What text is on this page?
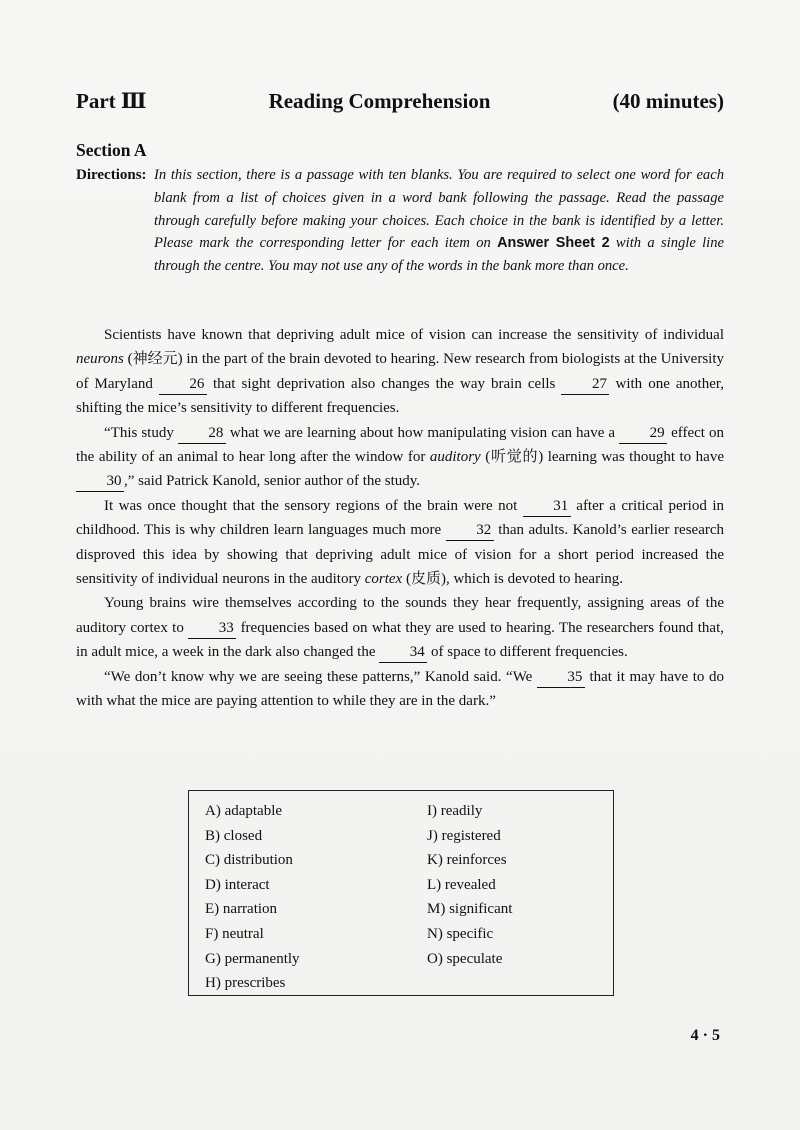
Part Ⅲ	Reading Comprehension	(40 minutes)
Section A
Directions: In this section, there is a passage with ten blanks. You are required to select one word for each blank from a list of choices given in a word bank following the passage. Read the passage through carefully before making your choices. Each choice in the bank is identified by a letter. Please mark the corresponding letter for each item on Answer Sheet 2 with a single line through the centre. You may not use any of the words in the bank more than once.

Scientists have known that depriving adult mice of vision can increase the sensitivity of individual neurons (神经元) in the part of the brain devoted to hearing. New research from biologists at the University of Maryland 26 that sight deprivation also changes the way brain cells 27 with one another, shifting the mice’s sensitivity to different frequencies.

“This study 28 what we are learning about how manipulating vision can have a 29 effect on the ability of an animal to hear long after the window for auditory (听觉的) learning was thought to have 30 ,” said Patrick Kanold, senior author of the study.

It was once thought that the sensory regions of the brain were not 31 after a critical period in childhood. This is why children learn languages much more 32 than adults. Kanold’s earlier research disproved this idea by showing that depriving adult mice of vision for a short period increased the sensitivity of individual neurons in the auditory cortex (皮质), which is devoted to hearing.

Young brains wire themselves according to the sounds they hear frequently, assigning areas of the auditory cortex to 33 frequencies based on what they are used to hearing. The researchers found that, in adult mice, a week in the dark also changed the 34 of space to different frequencies.

“We don’t know why we are seeing these patterns,” Kanold said. “We 35 that it may have to do with what the mice are paying attention to while they are in the dark.”

A) adaptable
B) closed
C) distribution
D) interact
E) narration
F) neutral
G) permanently
H) prescribes
I) readily
J) registered
K) reinforces
L) revealed
M) significant
N) specific
O) speculate
4 · 5
